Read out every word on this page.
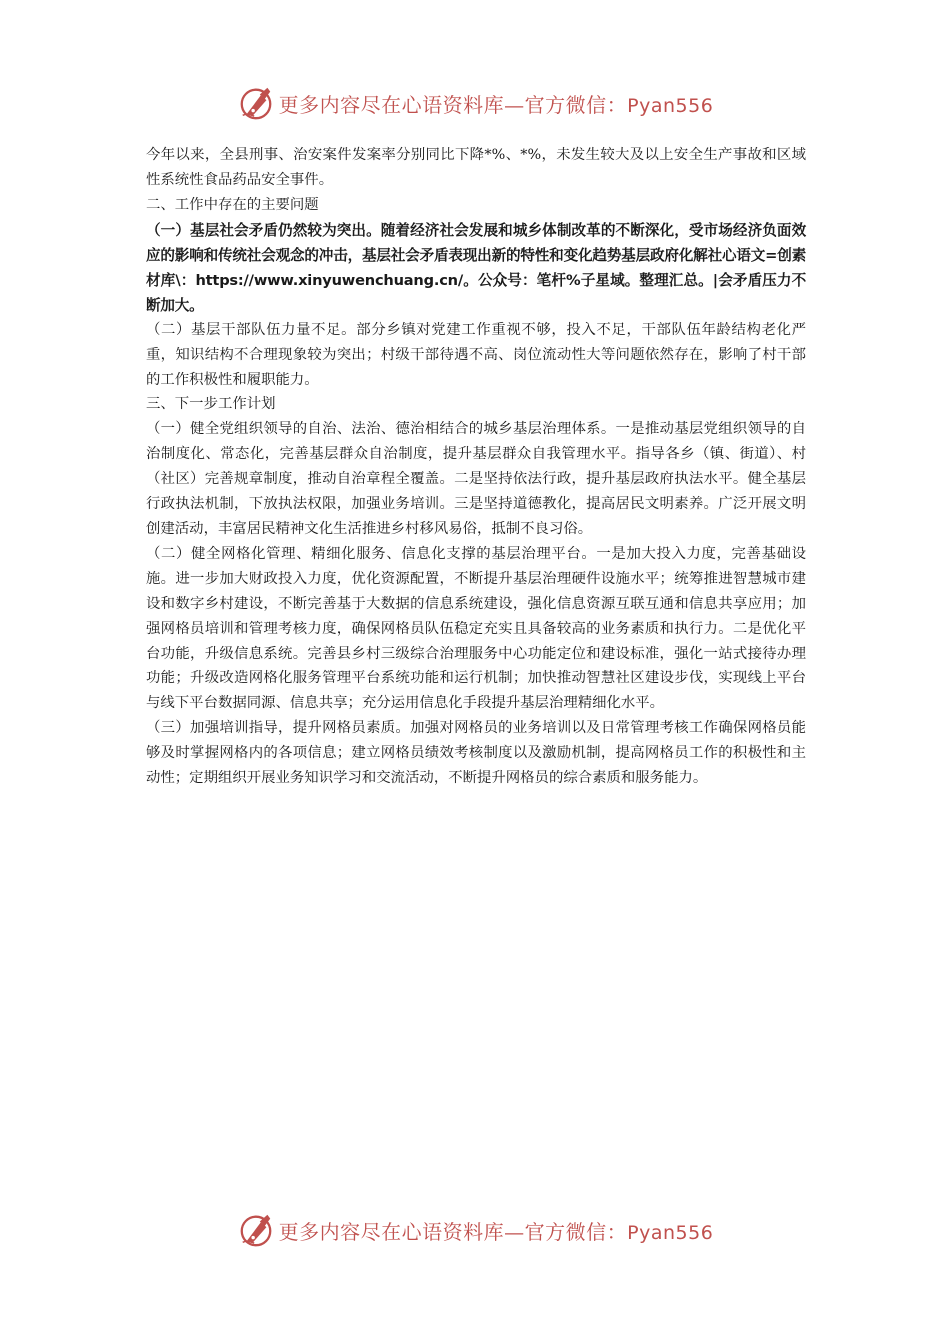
更多内容尽在心语资料库—官方微信：Pyan556

今年以来，全县刑事、治安案件发案率分别同比下降*%、*%，未发生较大及以上安全生产事故和区域性系统性食品药品安全事件。

二、工作中存在的主要问题

（一）基层社会矛盾仍然较为突出。随着经济社会发展和城乡体制改革的不断深化，受市场经济负面效应的影响和传统社会观念的冲击，基层社会矛盾表现出新的特性和变化趋势基层政府化解社心语文=创素材库\：https://www.xinyuwenchuang.cn/。公众号：笔杆%子星域。整理汇总。|会矛盾压力不断加大。

（二）基层干部队伍力量不足。部分乡镇对党建工作重视不够，投入不足，干部队伍年龄结构老化严重，知识结构不合理现象较为突出；村级干部待遇不高、岗位流动性大等问题依然存在，影响了村干部的工作积极性和履职能力。

三、下一步工作计划

（一）健全党组织领导的自治、法治、德治相结合的城乡基层治理体系。一是推动基层党组织领导的自治制度化、常态化，完善基层群众自治制度，提升基层群众自我管理水平。指导各乡（镇、街道）、村（社区）完善规章制度，推动自治章程全覆盖。二是坚持依法行政，提升基层政府执法水平。健全基层行政执法机制，下放执法权限，加强业务培训。三是坚持道德教化，提高居民文明素养。广泛开展文明创建活动，丰富居民精神文化生活推进乡村移风易俗，抵制不良习俗。

（二）健全网格化管理、精细化服务、信息化支撑的基层治理平台。一是加大投入力度，完善基础设施。进一步加大财政投入力度，优化资源配置，不断提升基层治理硬件设施水平；统筹推进智慧城市建设和数字乡村建设，不断完善基于大数据的信息系统建设，强化信息资源互联互通和信息共享应用；加强网格员培训和管理考核力度，确保网格员队伍稳定充实且具备较高的业务素质和执行力。二是优化平台功能，升级信息系统。完善县乡村三级综合治理服务中心功能定位和建设标准，强化一站式接待办理功能；升级改造网格化服务管理平台系统功能和运行机制；加快推动智慧社区建设步伐，实现线上平台与线下平台数据同源、信息共享；充分运用信息化手段提升基层治理精细化水平。

（三）加强培训指导，提升网格员素质。加强对网格员的业务培训以及日常管理考核工作确保网格员能够及时掌握网格内的各项信息；建立网格员绩效考核制度以及激励机制，提高网格员工作的积极性和主动性；定期组织开展业务知识学习和交流活动，不断提升网格员的综合素质和服务能力。

更多内容尽在心语资料库—官方微信：Pyan556
